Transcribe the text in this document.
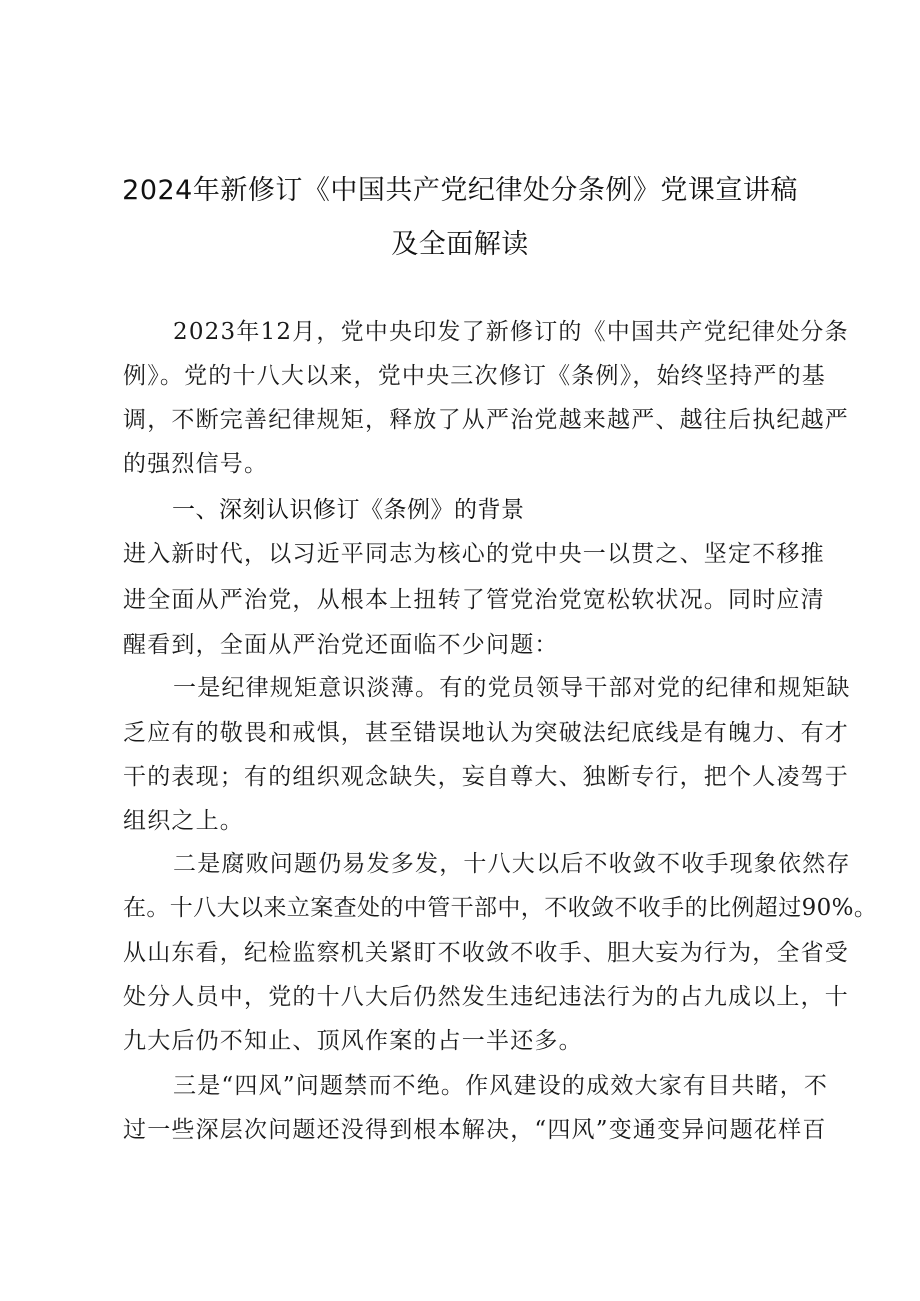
2024年新修订《中国共产党纪律处分条例》党课宣讲稿
及全面解读
2023年12月，党中央印发了新修订的《中国共产党纪律处分条
例》。党的十八大以来，党中央三次修订《条例》，始终坚持严的基
调，不断完善纪律规矩，释放了从严治党越来越严、越往后执纪越严
的强烈信号。
一、深刻认识修订《条例》的背景
进入新时代，以习近平同志为核心的党中央一以贯之、坚定不移推
进全面从严治党，从根本上扭转了管党治党宽松软状况。同时应清
醒看到，全面从严治党还面临不少问题：
一是纪律规矩意识淡薄。有的党员领导干部对党的纪律和规矩缺
乏应有的敬畏和戒惧，甚至错误地认为突破法纪底线是有魄力、有才
干的表现；有的组织观念缺失，妄自尊大、独断专行，把个人凌驾于
组织之上。
二是腐败问题仍易发多发，十八大以后不收敛不收手现象依然存
在。十八大以来立案查处的中管干部中，不收敛不收手的比例超过90%。
从山东看，纪检监察机关紧盯不收敛不收手、胆大妄为行为，全省受
处分人员中，党的十八大后仍然发生违纪违法行为的占九成以上，十
九大后仍不知止、顶风作案的占一半还多。
三是“四风”问题禁而不绝。作风建设的成效大家有目共睹，不
过一些深层次问题还没得到根本解决，“四风”变通变异问题花样百
